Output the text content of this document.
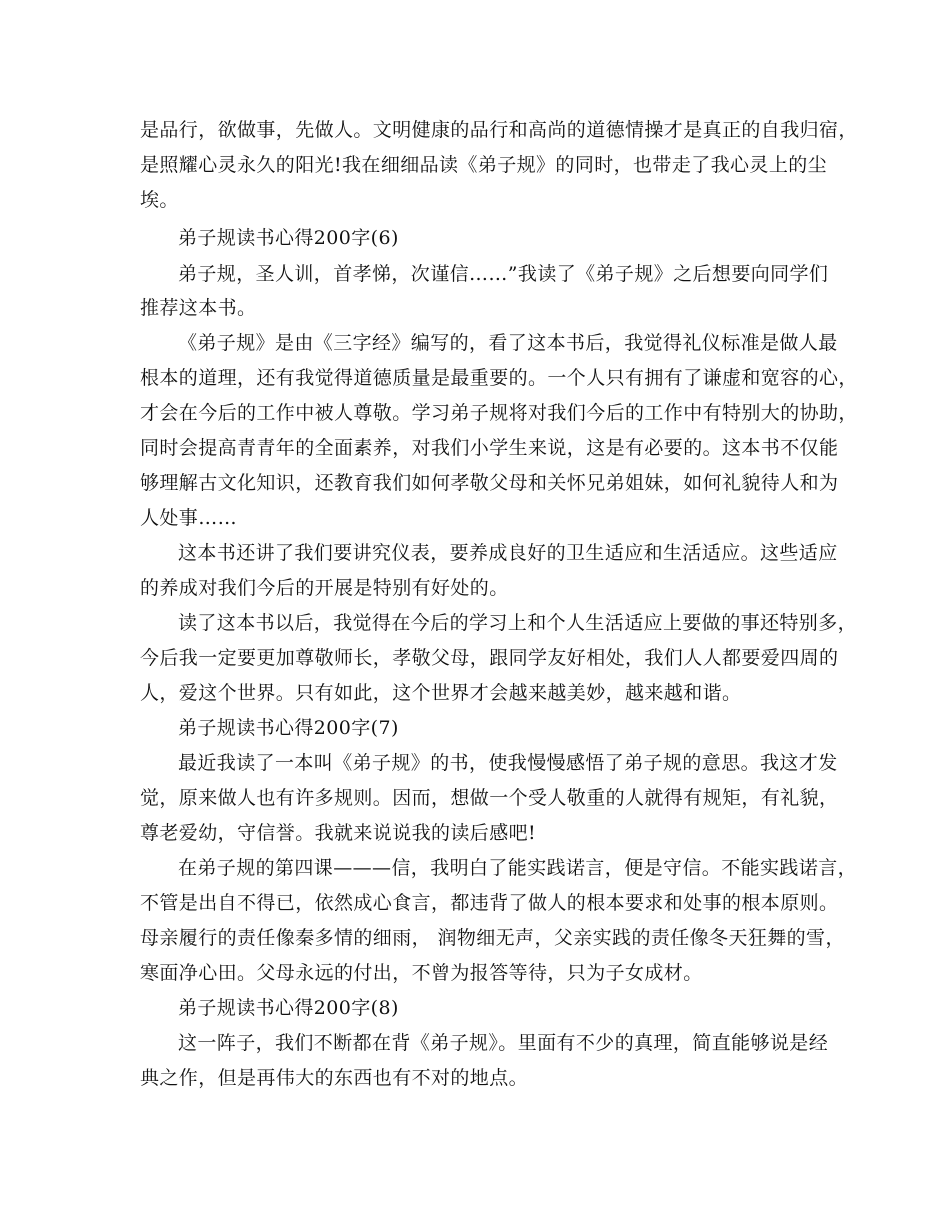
是品行，欲做事，先做人。文明健康的品行和高尚的道德情操才是真正的自我归宿，
是照耀心灵永久的阳光!我在细细品读《弟子规》的同时，也带走了我心灵上的尘
埃。
弟子规读书心得200字(6)
弟子规，圣人训，首孝悌，次谨信……”我读了《弟子规》之后想要向同学们
推荐这本书。
《弟子规》是由《三字经》编写的，看了这本书后，我觉得礼仪标准是做人最
根本的道理，还有我觉得道德质量是最重要的。一个人只有拥有了谦虚和宽容的心，
才会在今后的工作中被人尊敬。学习弟子规将对我们今后的工作中有特别大的协助，
同时会提高青青年的全面素养，对我们小学生来说，这是有必要的。这本书不仅能
够理解古文化知识，还教育我们如何孝敬父母和关怀兄弟姐妹，如何礼貌待人和为
人处事……
这本书还讲了我们要讲究仪表，要养成良好的卫生适应和生活适应。这些适应
的养成对我们今后的开展是特别有好处的。
读了这本书以后，我觉得在今后的学习上和个人生活适应上要做的事还特别多，
今后我一定要更加尊敬师长，孝敬父母，跟同学友好相处，我们人人都要爱四周的
人，爱这个世界。只有如此，这个世界才会越来越美妙，越来越和谐。
弟子规读书心得200字(7)
最近我读了一本叫《弟子规》的书，使我慢慢感悟了弟子规的意思。我这才发
觉，原来做人也有许多规则。因而，想做一个受人敬重的人就得有规矩，有礼貌，
尊老爱幼，守信誉。我就来说说我的读后感吧!
在弟子规的第四课———信，我明白了能实践诺言，便是守信。不能实践诺言，
不管是出自不得已，依然成心食言，都违背了做人的根本要求和处事的根本原则。
母亲履行的责任像秦多情的细雨， 润物细无声，父亲实践的责任像冬天狂舞的雪，
寒面净心田。父母永远的付出，不曾为报答等待，只为子女成材。
弟子规读书心得200字(8)
这一阵子，我们不断都在背《弟子规》。里面有不少的真理，简直能够说是经
典之作，但是再伟大的东西也有不对的地点。
